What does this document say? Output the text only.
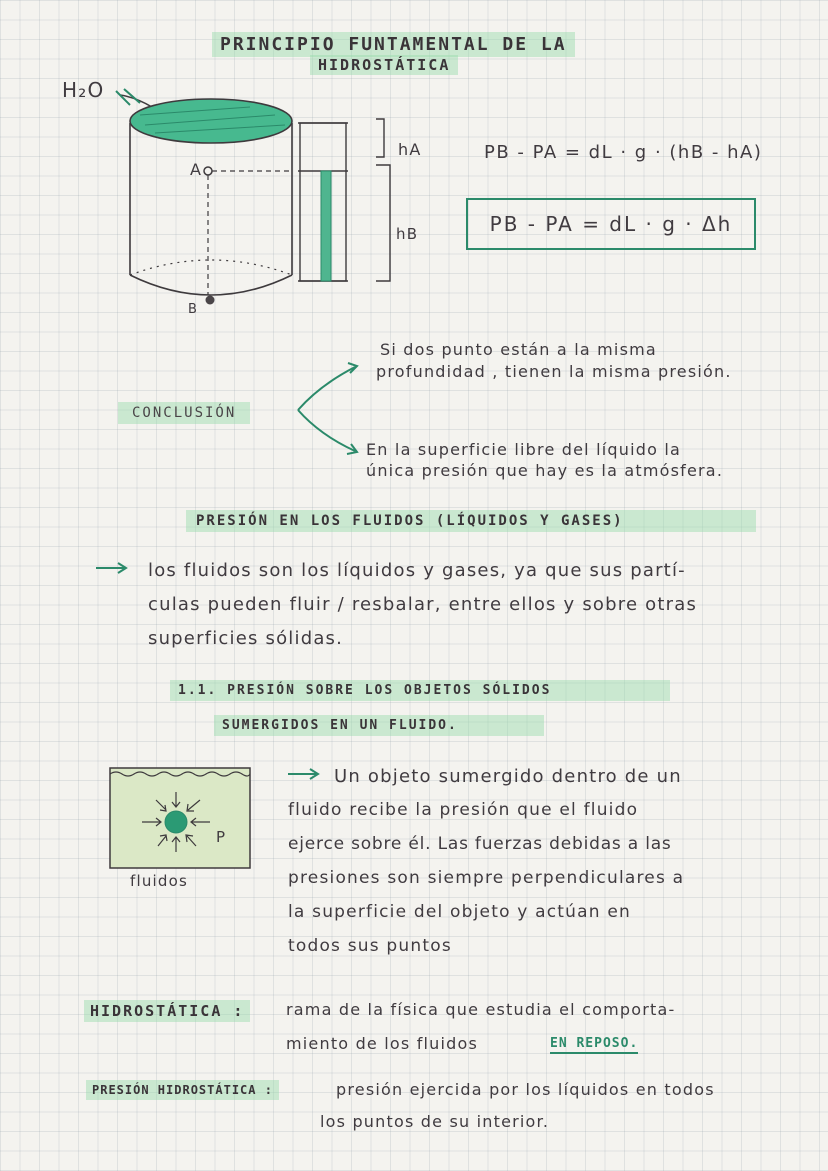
PRINCIPIO FUNTAMENTAL DE LA
HIDROSTÁTICA
H₂O
A
B
hA
hB
PB - PA = dL · g · (hB - hA)
PB - PA = dL · g · Δh
CONCLUSIÓN
Si dos punto están a la misma
profundidad , tienen la misma presión.
En la superficie libre del líquido la
única presión que hay es la atmósfera.
PRESIÓN EN LOS FLUIDOS (LÍQUIDOS Y GASES)
los fluidos son los líquidos y gases, ya que sus partí-
culas pueden fluir / resbalar, entre ellos y sobre otras
superficies sólidas.
1.1. PRESIÓN SOBRE LOS OBJETOS SÓLIDOS
SUMERGIDOS EN UN FLUIDO.
P
fluidos
Un objeto sumergido dentro de un
fluido recibe la presión que el fluido
ejerce sobre él. Las fuerzas debidas a las
presiones son siempre perpendiculares a
la superficie del objeto y actúan en
todos sus puntos
HIDROSTÁTICA :	rama de la física que estudia el comporta-
miento de los fluidos	EN REPOSO.
PRESIÓN HIDROSTÁTICA :	presión ejercida por los líquidos en todos
los puntos de su interior.
